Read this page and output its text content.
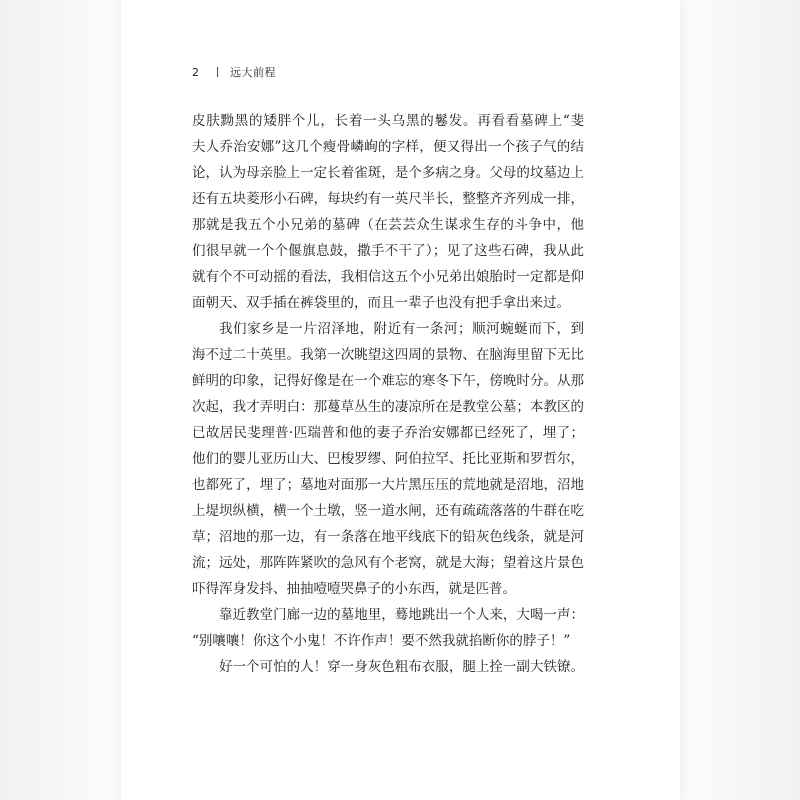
2	远大前程
皮肤黝黑的矮胖个儿，长着一头乌黑的鬈发。再看看墓碑上“斐
夫人乔治安娜”这几个瘦骨嶙峋的字样，便又得出一个孩子气的结
论，认为母亲脸上一定长着雀斑，是个多病之身。父母的坟墓边上
还有五块菱形小石碑，每块约有一英尺半长，整整齐齐列成一排，
那就是我五个小兄弟的墓碑（在芸芸众生谋求生存的斗争中，他
们很早就一个个偃旗息鼓，撒手不干了）；见了这些石碑，我从此
就有个不可动摇的看法，我相信这五个小兄弟出娘胎时一定都是仰
面朝天、双手插在裤袋里的，而且一辈子也没有把手拿出来过。
我们家乡是一片沼泽地，附近有一条河；顺河蜿蜒而下，到
海不过二十英里。我第一次眺望这四周的景物、在脑海里留下无比
鲜明的印象，记得好像是在一个难忘的寒冬下午，傍晚时分。从那
次起，我才弄明白：那蔓草丛生的凄凉所在是教堂公墓；本教区的
已故居民斐理普·匹瑞普和他的妻子乔治安娜都已经死了，埋了；
他们的婴儿亚历山大、巴梭罗缪、阿伯拉罕、托比亚斯和罗哲尔，
也都死了，埋了；墓地对面那一大片黑压压的荒地就是沼地，沼地
上堤坝纵横，横一个土墩，竖一道水闸，还有疏疏落落的牛群在吃
草；沼地的那一边，有一条落在地平线底下的铅灰色线条，就是河
流；远处，那阵阵紧吹的急风有个老窝，就是大海；望着这片景色
吓得浑身发抖、抽抽噎噎哭鼻子的小东西，就是匹普。
靠近教堂门廊一边的墓地里，蓦地跳出一个人来，大喝一声：
“别嚷嚷！你这个小鬼！不许作声！要不然我就掐断你的脖子！”
好一个可怕的人！穿一身灰色粗布衣服，腿上拴一副大铁镣。
